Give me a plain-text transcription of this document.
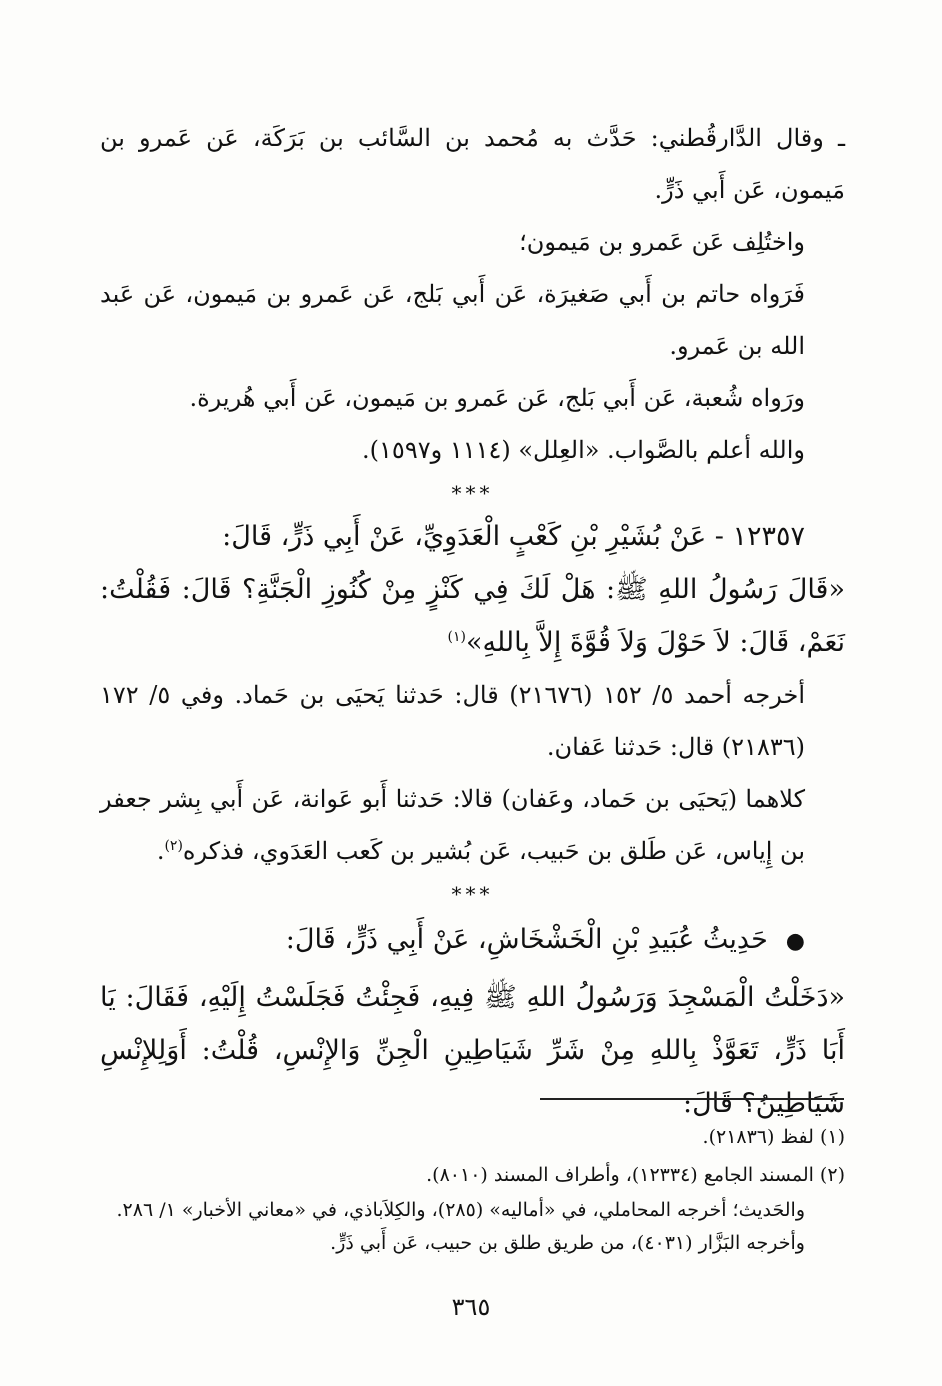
ـ وقال الدَّارقُطني: حَدَّث به مُحمد بن السَّائب بن بَرَكَة، عَن عَمرو بن مَيمون، عَن أَبي ذَرٍّ.

واختُلِف عَن عَمرو بن مَيمون؛

فَرَواه حاتم بن أَبي صَغيرَة، عَن أَبي بَلج، عَن عَمرو بن مَيمون، عَن عَبد الله بن عَمرو.

ورَواه شُعبة، عَن أَبي بَلج، عَن عَمرو بن مَيمون، عَن أَبي هُريرة.

والله أعلم بالصَّواب. «العِلل» (١١١٤ و١٥٩٧).

***

١٢٣٥٧ - عَنْ بُشَيْرِ بْنِ كَعْبٍ الْعَدَوِيِّ، عَنْ أَبِي ذَرٍّ، قَالَ:

«قَالَ رَسُولُ اللهِ ﷺ: هَلْ لَكَ فِي كَنْزٍ مِنْ كُنُوزِ الْجَنَّةِ؟ قَالَ: فَقُلْتُ: نَعَمْ، قَالَ: لاَ حَوْلَ وَلاَ قُوَّةَ إِلاَّ بِاللهِ»$^{(١)}$

أخرجه أحمد ٥/ ١٥٢ (٢١٦٧٦) قال: حَدثنا يَحيَى بن حَماد. وفي ٥/ ١٧٢ (٢١٨٣٦) قال: حَدثنا عَفان.

كلاهما (يَحيَى بن حَماد، وعَفان) قالا: حَدثنا أَبو عَوانة، عَن أَبي بِشر جعفر بن إِياس، عَن طَلق بن حَبيب، عَن بُشير بن كَعب العَدَوي، فذكره$^{(٢)}$.

***

●حَدِيثُ عُبَيدِ بْنِ الْخَشْخَاشِ، عَنْ أَبِي ذَرٍّ، قَالَ:

«دَخَلْتُ الْمَسْجِدَ وَرَسُولُ اللهِ ﷺ فِيهِ، فَجِئْتُ فَجَلَسْتُ إِلَيْهِ، فَقَالَ: يَا أَبَا ذَرٍّ، تَعَوَّذْ بِاللهِ مِنْ شَرِّ شَيَاطِينِ الْجِنِّ وَالإِنْسِ، قُلْتُ: أَوَلِلإِنْسِ شَيَاطِينُ؟ قَالَ:

(١) لفظ (٢١٨٣٦).

(٢) المسند الجامع (١٢٣٣٤)، وأطراف المسند (٨٠١٠).

والحَديث؛ أخرجه المحاملي، في «أماليه» (٢٨٥)، والكِلاَباذي، في «معاني الأخبار» ١/ ٢٨٦.

وأخرجه البَزَّار (٤٠٣١)، من طريق طلق بن حبيب، عَن أَبي ذَرٍّ.

٣٦٥
